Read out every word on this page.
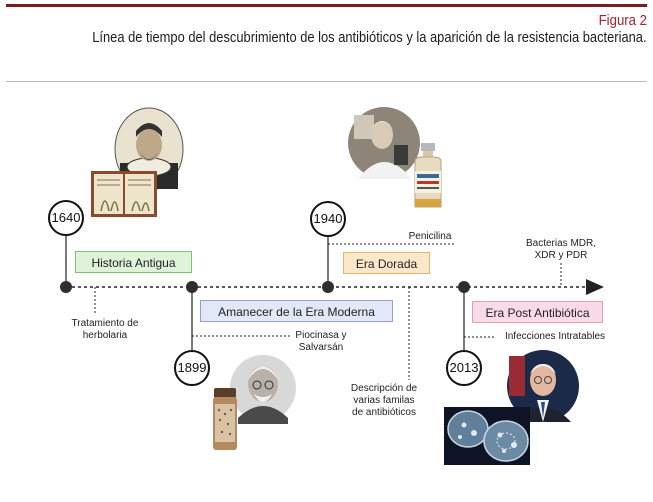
Figura 2
Línea de tiempo del descubrimiento de los antibióticos y la aparición de la resistencia bacteriana.
Historia Antigua
Amanecer de la Era Moderna
Era Dorada
Era Post Antibiótica
1640
1899
1940
2013
Tratamiento de
herbolaria	Piocinasa y
Salvarsán
Penicilina
Descripción de
varias familas
de antibióticos
Bacterias MDR,
XDR y PDR
Infecciones Intratables
